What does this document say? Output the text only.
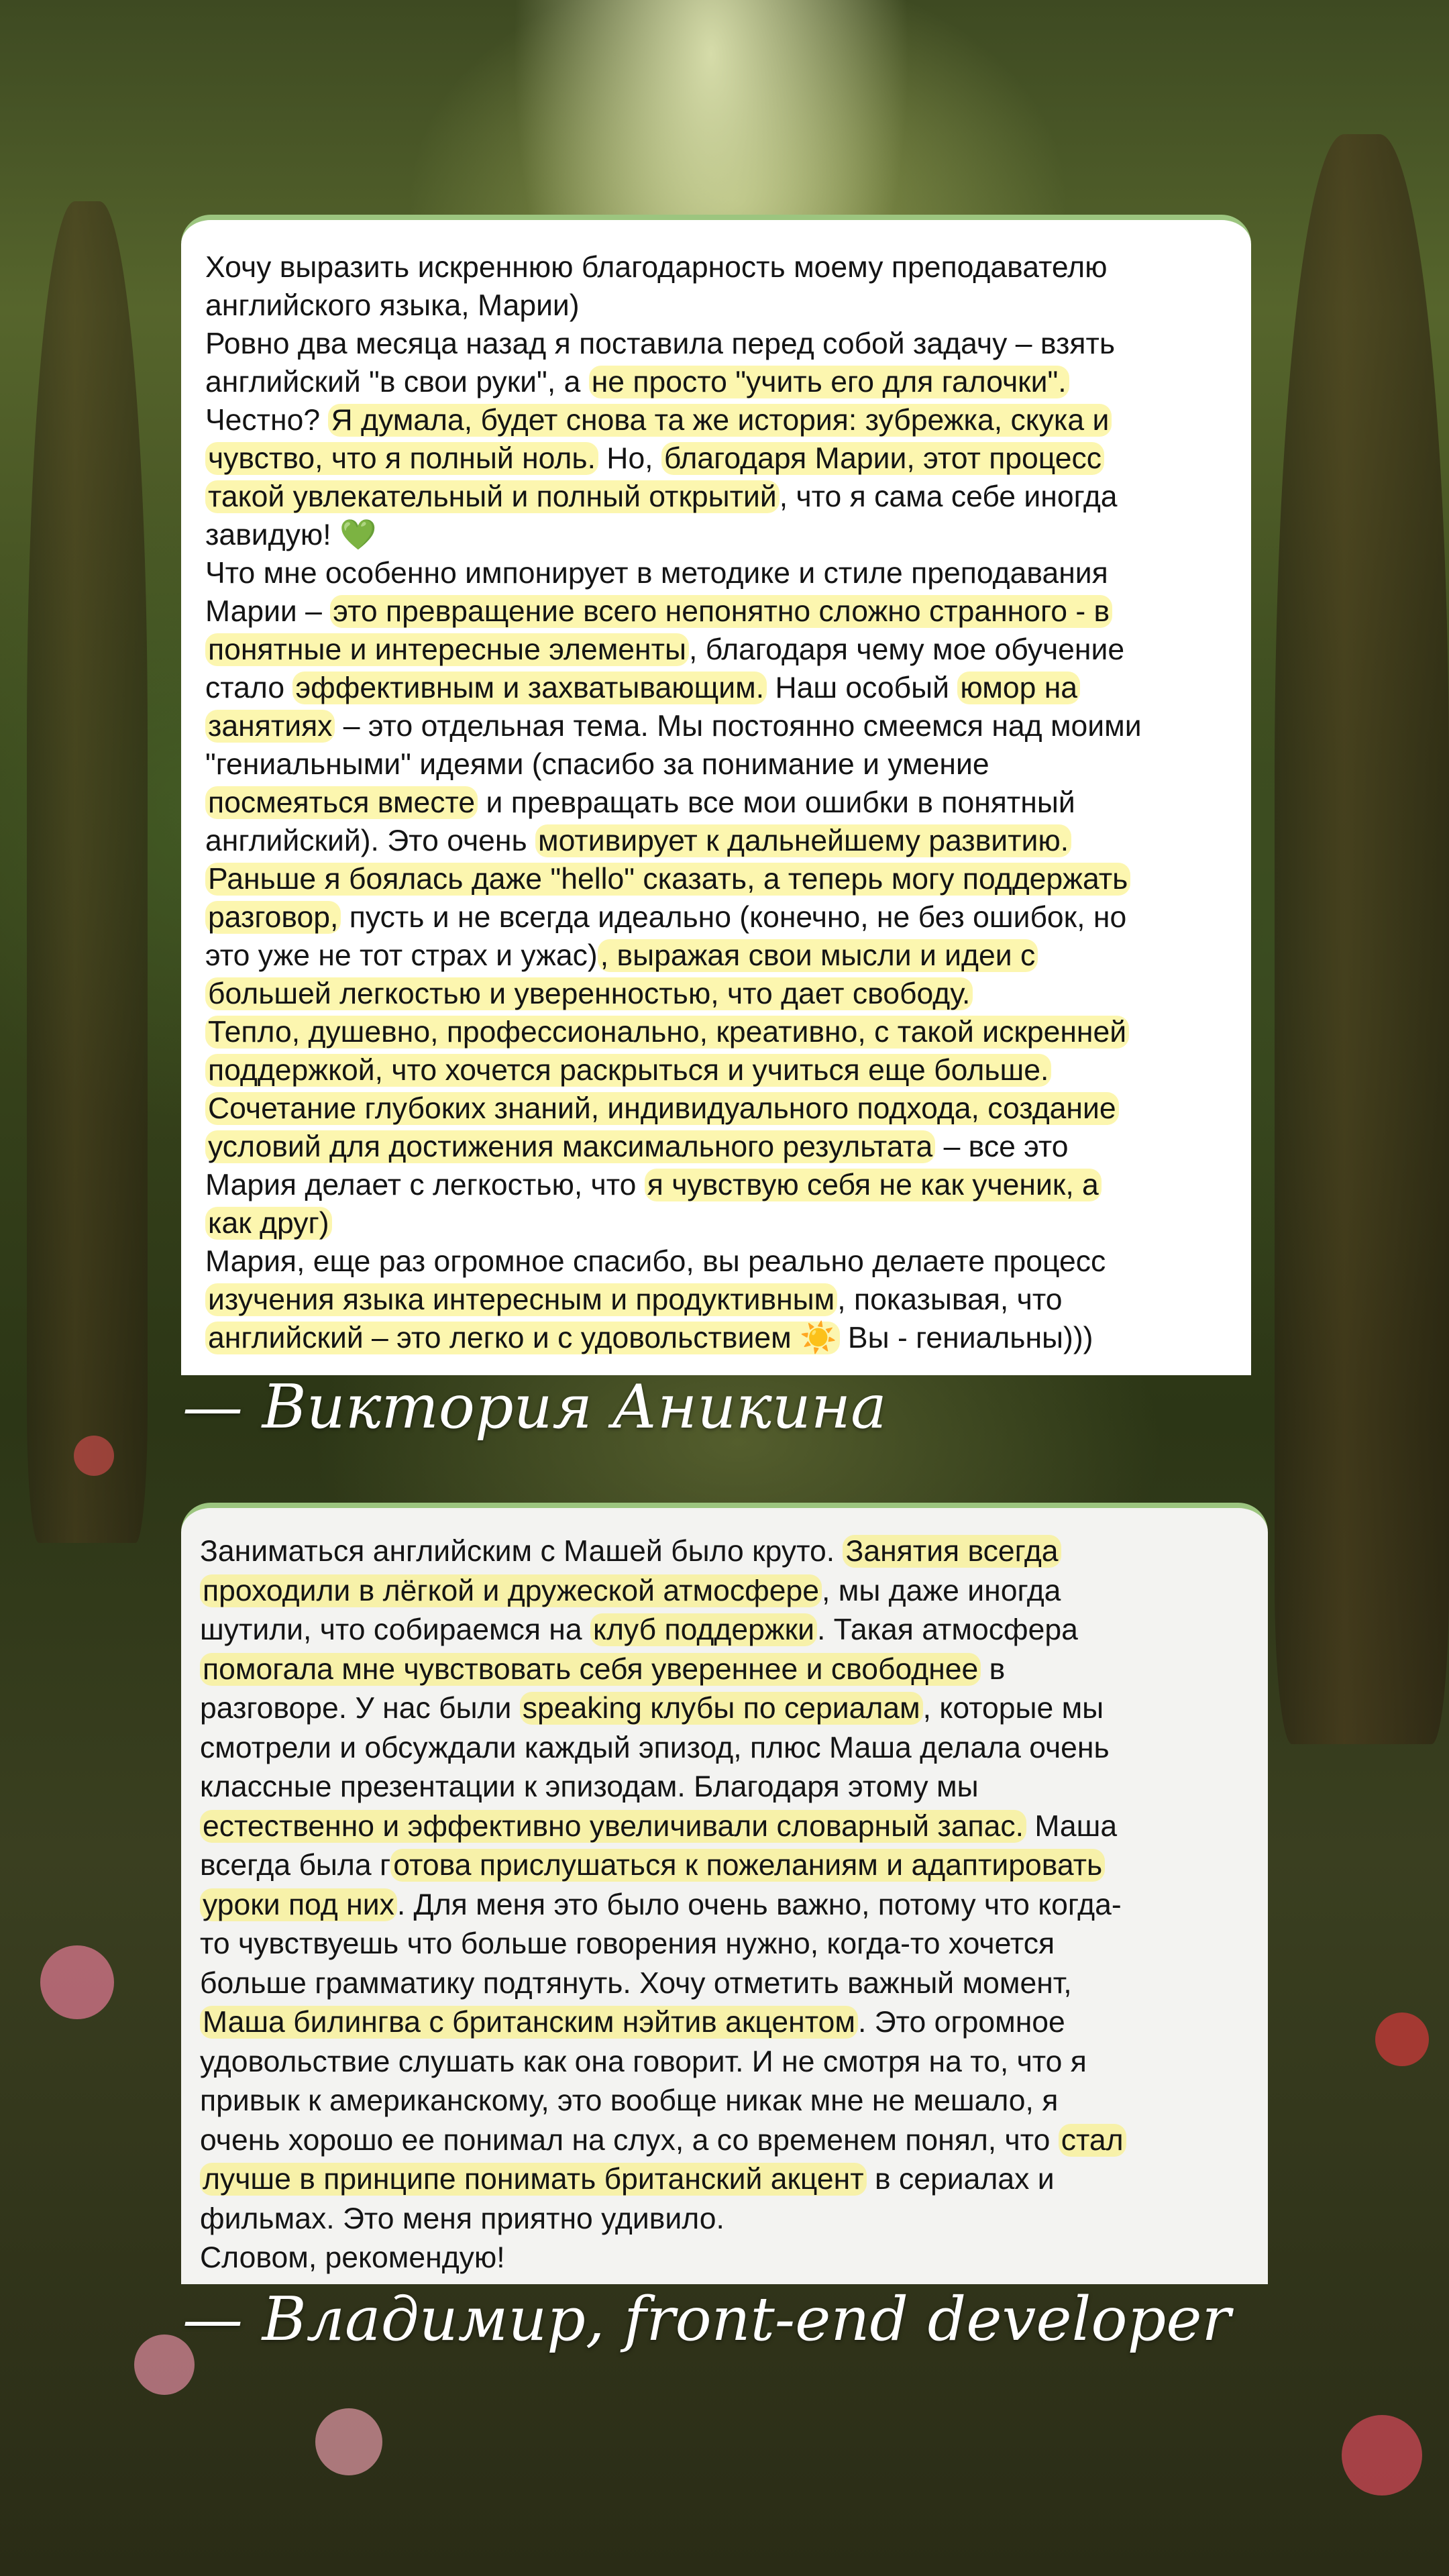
Хочу выразить искреннюю благодарность моему преподавателю
английского языка, Марии)
Ровно два месяца назад я поставила перед собой задачу – взять
английский "в свои руки", а не просто "учить его для галочки".
Честно? Я думала, будет снова та же история: зубрежка, скука и
чувство, что я полный ноль. Но, благодаря Марии, этот процесс
такой увлекательный и полный открытий, что я сама себе иногда
завидую! 💚
Что мне особенно импонирует в методике и стиле преподавания
Марии – это превращение всего непонятно сложно странного - в
понятные и интересные элементы, благодаря чему мое обучение
стало эффективным и захватывающим. Наш особый юмор на
занятиях – это отдельная тема. Мы постоянно смеемся над моими
"гениальными" идеями (спасибо за понимание и умение
посмеяться вместе и превращать все мои ошибки в понятный
английский). Это очень мотивирует к дальнейшему развитию.
Раньше я боялась даже "hello" сказать, а теперь могу поддержать
разговор, пусть и не всегда идеально (конечно, не без ошибок, но
это уже не тот страх и ужас), выражая свои мысли и идеи с
большей легкостью и уверенностью, что дает свободу.
Тепло, душевно, профессионально, креативно, с такой искренней
поддержкой, что хочется раскрыться и учиться еще больше.
Сочетание глубоких знаний, индивидуального подхода, создание
условий для достижения максимального результата – все это
Мария делает с легкостью, что я чувствую себя не как ученик, а
как друг)
Мария, еще раз огромное спасибо, вы реально делаете процесс
изучения языка интересным и продуктивным, показывая, что
английский – это легко и с удовольствием ☀️ Вы - гениальны)))
— Виктория Аникина
Заниматься английским с Машей было круто. Занятия всегда
проходили в лёгкой и дружеской атмосфере, мы даже иногда
шутили, что собираемся на клуб поддержки. Такая атмосфера
помогала мне чувствовать себя увереннее и свободнее в
разговоре. У нас были speaking клубы по сериалам, которые мы
смотрели и обсуждали каждый эпизод, плюс Маша делала очень
классные презентации к эпизодам. Благодаря этому мы
естественно и эффективно увеличивали словарный запас. Маша
всегда была готова прислушаться к пожеланиям и адаптировать
уроки под них. Для меня это было очень важно, потому что когда-
то чувствуешь что больше говорения нужно, когда-то хочется
больше грамматику подтянуть. Хочу отметить важный момент,
Маша билингва с британским нэйтив акцентом. Это огромное
удовольствие слушать как она говорит. И не смотря на то, что я
привык к американскому, это вообще никак мне не мешало, я
очень хорошо ее понимал на слух, а со временем понял, что стал
лучше в принципе понимать британский акцент в сериалах и
фильмах. Это меня приятно удивило.
Словом, рекомендую!
— Владимир, front-end developer
